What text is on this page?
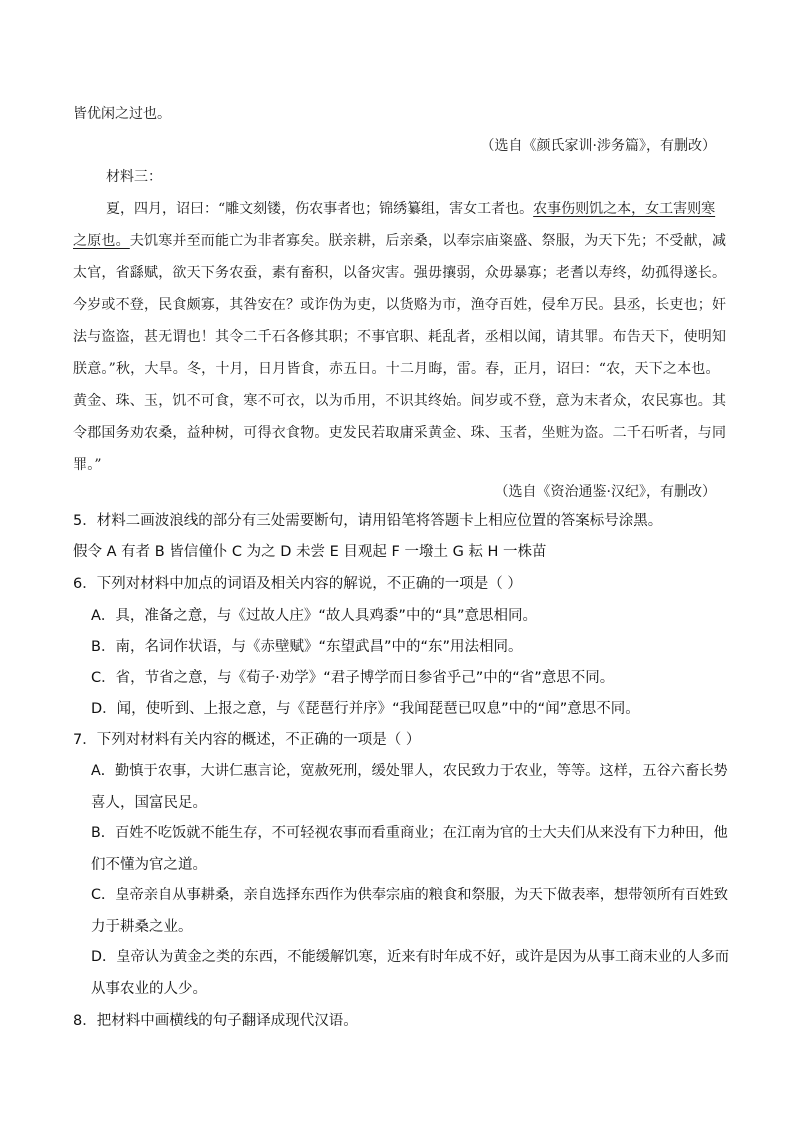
皆优闲之过也。
（选自《颜氏家训·涉务篇》，有删改）
材料三：
夏，四月，诏曰：“雕文刻镂，伤农事者也；锦绣纂组，害女工者也。农事伤则饥之本，女工害则寒
之原也。夫饥寒并至而能亡为非者寡矣。朕亲耕，后亲桑，以奉宗庙粢盛、祭服，为天下先；不受献，减
太官，省繇赋，欲天下务农蚕，素有畜积，以备灾害。强毋攘弱，众毋暴寡；老耆以寿终，幼孤得遂长。
今岁或不登，民食颇寡，其咎安在？或诈伪为吏，以货赂为市，渔夺百姓，侵牟万民。县丞，长吏也；奸
法与盗盗，甚无谓也！其令二千石各修其职；不事官职、耗乱者，丞相以闻，请其罪。布告天下，使明知
朕意。”秋，大旱。冬，十月，日月皆食，赤五日。十二月晦，雷。春，正月，诏曰：“农，天下之本也。
黄金、珠、玉，饥不可食，寒不可衣，以为币用，不识其终始。间岁或不登，意为末者众，农民寡也。其
令郡国务劝农桑，益种树，可得衣食物。吏发民若取庸采黄金、珠、玉者，坐赃为盗。二千石听者，与同
罪。”
（选自《资治通鉴·汉纪》，有删改）
5．材料二画波浪线的部分有三处需要断句，请用铅笔将答题卡上相应位置的答案标号涂黑。
假令 A 有者 B 皆信僮仆 C 为之 D 未尝 E 目观起 F 一墢土 G 耘 H 一株苗
6．下列对材料中加点的词语及相关内容的解说，不正确的一项是（ ）
A．具，准备之意，与《过故人庄》“故人具鸡黍”中的“具”意思相同。
B．南，名词作状语，与《赤壁赋》“东望武昌”中的“东”用法相同。
C．省，节省之意，与《荀子·劝学》“君子博学而日参省乎己”中的“省”意思不同。
D．闻，使听到、上报之意，与《琵琶行并序》“我闻琵琶已叹息”中的“闻”意思不同。
7．下列对材料有关内容的概述，不正确的一项是（ ）
A．勤慎于农事，大讲仁惠言论，宽赦死刑，缓处罪人，农民致力于农业，等等。这样，五谷六畜长势
喜人，国富民足。
B．百姓不吃饭就不能生存，不可轻视农事而看重商业；在江南为官的士大夫们从来没有下力种田，他
们不懂为官之道。
C．皇帝亲自从事耕桑，亲自选择东西作为供奉宗庙的粮食和祭服，为天下做表率，想带领所有百姓致
力于耕桑之业。
D．皇帝认为黄金之类的东西，不能缓解饥寒，近来有时年成不好，或许是因为从事工商末业的人多而
从事农业的人少。
8．把材料中画横线的句子翻译成现代汉语。
